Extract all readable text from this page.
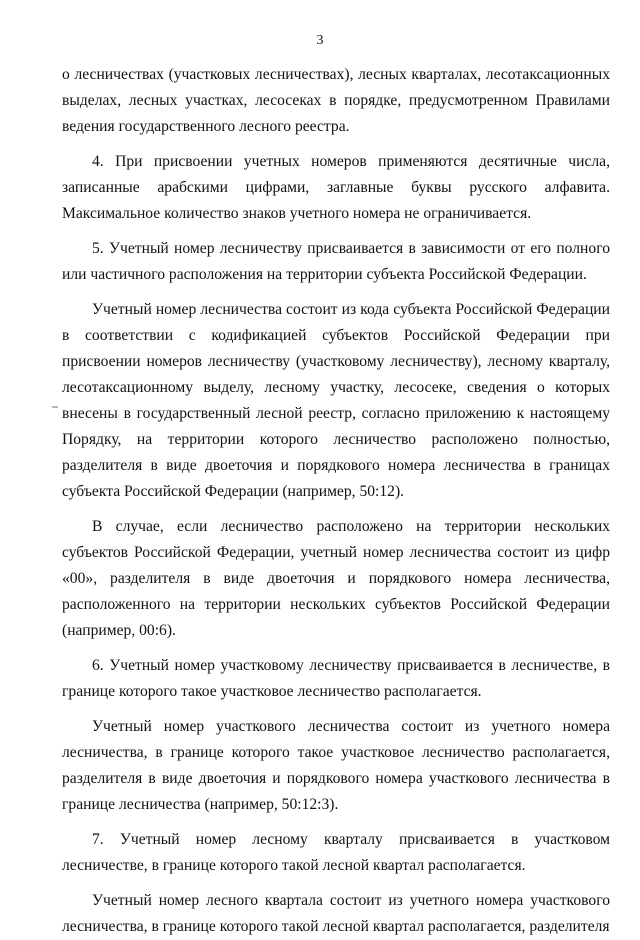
3

о лесничествах (участковых лесничествах), лесных кварталах, лесотаксационных выделах, лесных участках, лесосеках в порядке, предусмотренном Правилами ведения государственного лесного реестра.

4. При присвоении учетных номеров применяются десятичные числа, записанные арабскими цифрами, заглавные буквы русского алфавита. Максимальное количество знаков учетного номера не ограничивается.

5. Учетный номер лесничеству присваивается в зависимости от его полного или частичного расположения на территории субъекта Российской Федерации.

Учетный номер лесничества состоит из кода субъекта Российской Федерации в соответствии с кодификацией субъектов Российской Федерации при присвоении номеров лесничеству (участковому лесничеству), лесному кварталу, лесотаксационному выделу, лесному участку, лесосеке, сведения о которых внесены в государственный лесной реестр, согласно приложению к настоящему Порядку, на территории которого лесничество расположено полностью, разделителя в виде двоеточия и порядкового номера лесничества в границах субъекта Российской Федерации (например, 50:12).

В случае, если лесничество расположено на территории нескольких субъектов Российской Федерации, учетный номер лесничества состоит из цифр «00», разделителя в виде двоеточия и порядкового номера лесничества, расположенного на территории нескольких субъектов Российской Федерации (например, 00:6).

6. Учетный номер участковому лесничеству присваивается в лесничестве, в границе которого такое участковое лесничество располагается.

Учетный номер участкового лесничества состоит из учетного номера лесничества, в границе которого такое участковое лесничество располагается, разделителя в виде двоеточия и порядкового номера участкового лесничества в границе лесничества (например, 50:12:3).

7. Учетный номер лесному кварталу присваивается в участковом лесничестве, в границе которого такой лесной квартал располагается.

Учетный номер лесного квартала состоит из учетного номера участкового лесничества, в границе которого такой лесной квартал располагается, разделителя
